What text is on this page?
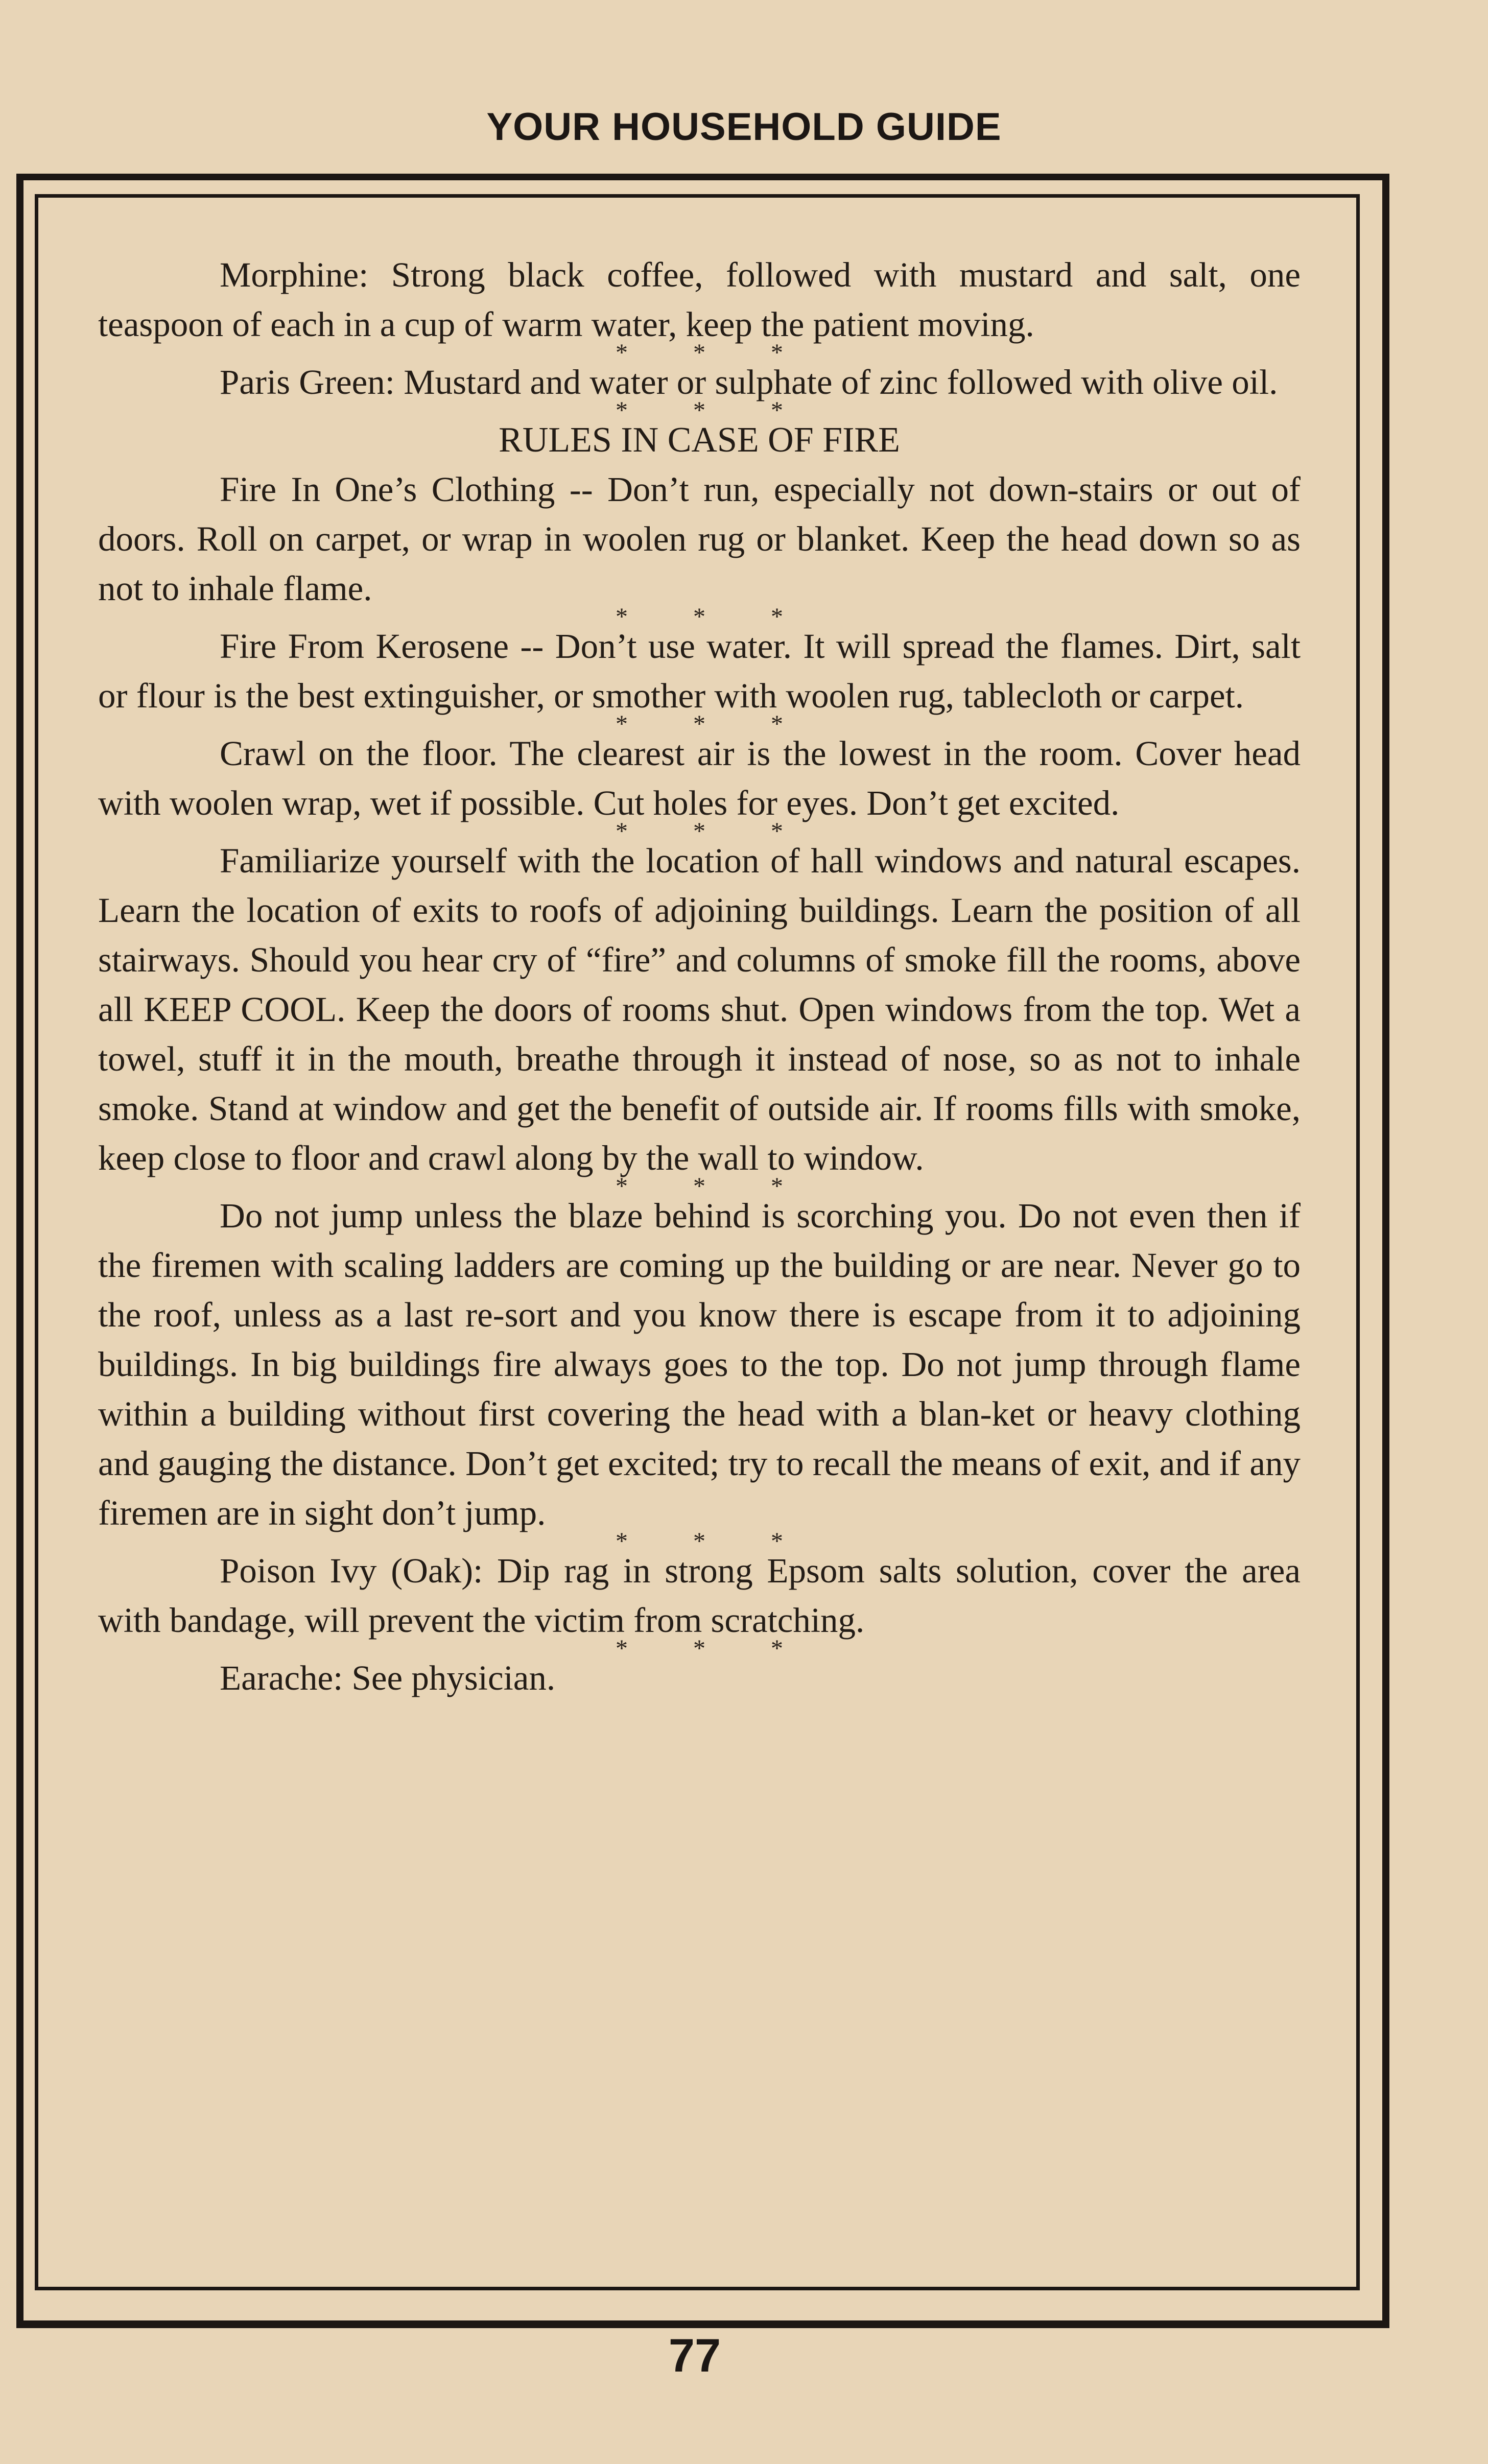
YOUR HOUSEHOLD GUIDE

Morphine: Strong black coffee, followed with mustard and salt, one teaspoon of each in a cup of warm water, keep the patient moving.

* * *

Paris Green: Mustard and water or sulphate of zinc followed with olive oil.

* * *

RULES IN CASE OF FIRE

Fire In One’s Clothing -- Don’t run, especially not down-stairs or out of doors. Roll on carpet, or wrap in woolen rug or blanket. Keep the head down so as not to inhale flame.

* * *

Fire From Kerosene -- Don’t use water. It will spread the flames. Dirt, salt or flour is the best extinguisher, or smother with woolen rug, tablecloth or carpet.

* * *

Crawl on the floor. The clearest air is the lowest in the room. Cover head with woolen wrap, wet if possible. Cut holes for eyes. Don’t get excited.

* * *

Familiarize yourself with the location of hall windows and natural escapes. Learn the location of exits to roofs of adjoining buildings. Learn the position of all stairways. Should you hear cry of “fire” and columns of smoke fill the rooms, above all KEEP COOL. Keep the doors of rooms shut. Open windows from the top. Wet a towel, stuff it in the mouth, breathe through it instead of nose, so as not to inhale smoke. Stand at window and get the benefit of outside air. If rooms fills with smoke, keep close to floor and crawl along by the wall to window.

* * *

Do not jump unless the blaze behind is scorching you. Do not even then if the firemen with scaling ladders are coming up the building or are near. Never go to the roof, unless as a last re-sort and you know there is escape from it to adjoining buildings. In big buildings fire always goes to the top. Do not jump through flame within a building without first covering the head with a blan-ket or heavy clothing and gauging the distance. Don’t get excited; try to recall the means of exit, and if any firemen are in sight don’t jump.

* * *

Poison Ivy (Oak): Dip rag in strong Epsom salts solution, cover the area with bandage, will prevent the victim from scratching.

* * *

Earache: See physician.

77
